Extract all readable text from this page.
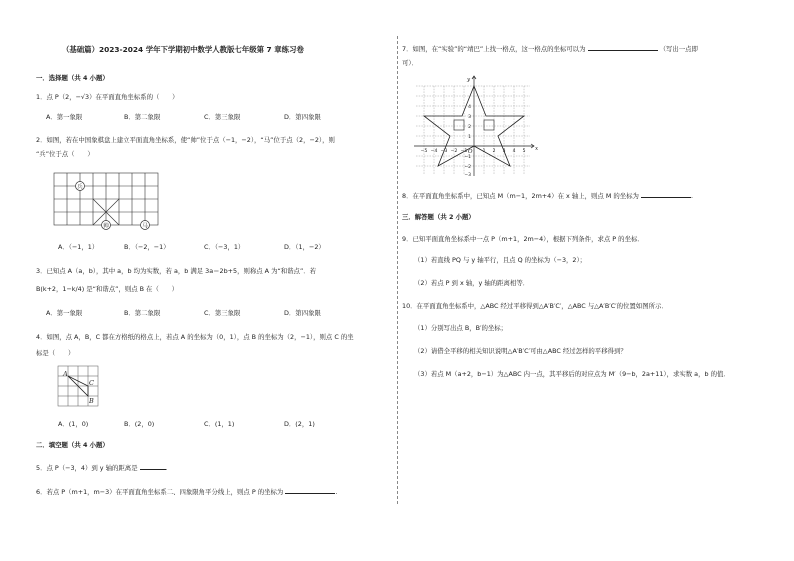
（基础篇）2023-2024 学年下学期初中数学人教版七年级第 7 章练习卷
一．选择题（共 4 小题）
1．点 P（2，−√3）在平面直角坐标系的（　　）
A．第一象限	B．第二象限	C．第三象限	D．第四象限
2．如图，若在中国象棋盘上建立平面直角坐标系，使“帅”位于点（−1，−2），“马”位于点（2，−2），则
“兵”位于点（　　）
兵
帅	马
A．（−1，1）	B．（−2，−1）	C．（−3，1）	D．（1，−2）
3．已知点 A（a，b），其中 a，b 均为实数，若 a，b 满足 3a＝2b+5，则称点 A 为“和谐点”．若
B(k+2，1−k/4) 是“和谐点”，则点 B 在（　　）
A．第一象限	B．第二象限	C．第三象限	D．第四象限
4．如图，点 A，B，C 都在方格纸的格点上，若点 A 的坐标为（0，1），点 B 的坐标为（2，−1），则点 C 的坐
标是（　　）
A
B
C
A．(1，0)	B．(2，0)	C．(1，1)	D．(2，1)
二．填空题（共 4 小题）
5．点 P（−3，4）到 y 轴的距离是	.
6．若点 P（m+1，m−3）在平面直角坐标系二、四象限角平分线上，则点 P 的坐标为	.
7．如图，在“实验”的“靖巴”上找一格点，这一格点的坐标可以为	（写出一点即
可）．
y
x
O
−5 −4 −3 −2 −1	1 2 3 4 5
4
3
2
1
−1
−2
−3
8．在平面直角坐标系中，已知点 M（m−1，2m+4）在 x 轴上，则点 M 的坐标为	.
三．解答题（共 2 小题）
9．已知平面直角坐标系中一点 P（m+1，2m−4），根据下列条件，求点 P 的坐标．
（1）若直线 PQ 与 y 轴平行，且点 Q 的坐标为（−3，2）；
（2）若点 P 到 x 轴，y 轴的距离相等．
10．在平面直角坐标系中，△ABC 经过平移得到△A′B′C′，△ABC 与△A′B′C′的位置如图所示．
（1）分别写出点 B，B′的坐标；
（2）请借全平移的相关知识说明△A′B′C′可由△ABC 经过怎样的平移得到？
（3）若点 M（a+2，b−1）为△ABC 内一点，其平移后的对应点为 M′（9−b，2a+11），求实数 a，b 的值．
